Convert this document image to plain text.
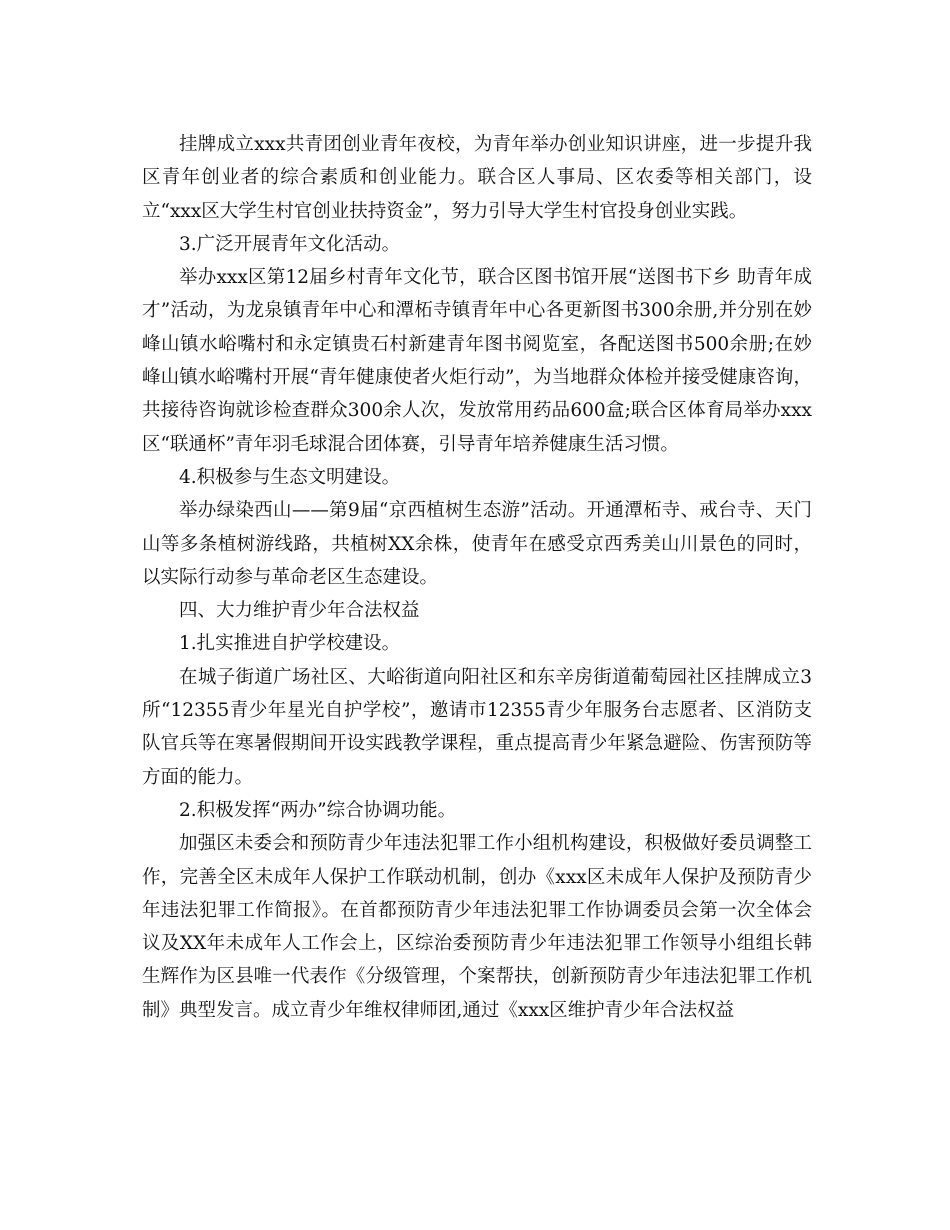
挂牌成立xxx共青团创业青年夜校，为青年举办创业知识讲座，进一步提升我区青年创业者的综合素质和创业能力。联合区人事局、区农委等相关部门，设立“xxx区大学生村官创业扶持资金”，努力引导大学生村官投身创业实践。

3.广泛开展青年文化活动。

举办xxx区第12届乡村青年文化节，联合区图书馆开展“送图书下乡 助青年成才”活动，为龙泉镇青年中心和潭柘寺镇青年中心各更新图书300余册,并分别在妙峰山镇水峪嘴村和永定镇贵石村新建青年图书阅览室，各配送图书500余册;在妙峰山镇水峪嘴村开展“青年健康使者火炬行动”，为当地群众体检并接受健康咨询，共接待咨询就诊检查群众300余人次，发放常用药品600盒;联合区体育局举办xxx区“联通杯”青年羽毛球混合团体赛，引导青年培养健康生活习惯。

4.积极参与生态文明建设。

举办绿染西山——第9届“京西植树生态游”活动。开通潭柘寺、戒台寺、天门山等多条植树游线路，共植树XX余株，使青年在感受京西秀美山川景色的同时，以实际行动参与革命老区生态建设。

四、大力维护青少年合法权益

1.扎实推进自护学校建设。

在城子街道广场社区、大峪街道向阳社区和东辛房街道葡萄园社区挂牌成立3所“12355青少年星光自护学校”，邀请市12355青少年服务台志愿者、区消防支队官兵等在寒暑假期间开设实践教学课程，重点提高青少年紧急避险、伤害预防等方面的能力。

2.积极发挥“两办”综合协调功能。

加强区未委会和预防青少年违法犯罪工作小组机构建设，积极做好委员调整工作，完善全区未成年人保护工作联动机制，创办《xxx区未成年人保护及预防青少年违法犯罪工作简报》。在首都预防青少年违法犯罪工作协调委员会第一次全体会议及XX年未成年人工作会上，区综治委预防青少年违法犯罪工作领导小组组长韩生辉作为区县唯一代表作《分级管理，个案帮扶，创新预防青少年违法犯罪工作机制》典型发言。成立青少年维权律师团,通过《xxx区维护青少年合法权益
